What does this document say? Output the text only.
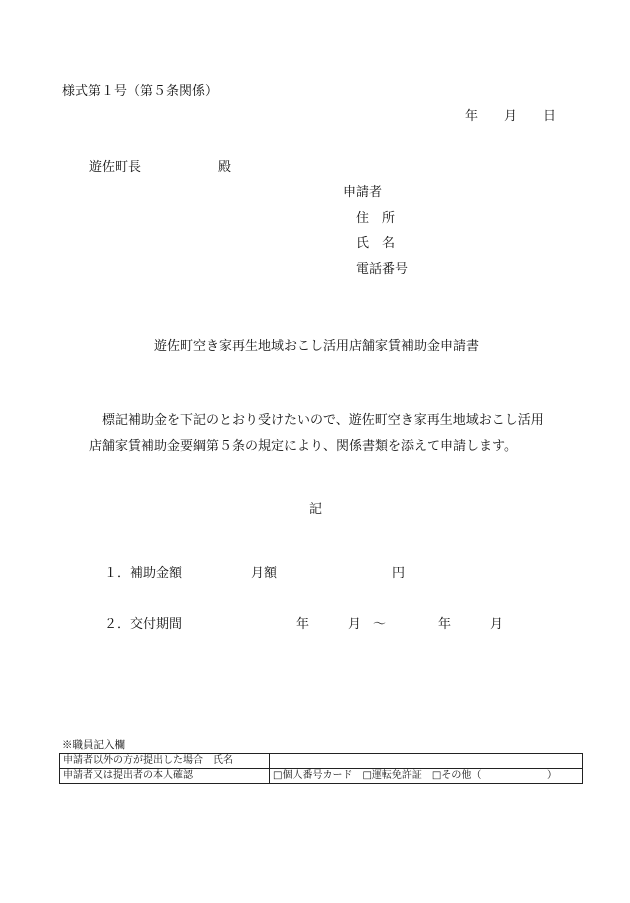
様式第１号（第５条関係）
年 月 日
遊佐町長	殿
申請者
住　所
氏　名
電話番号
遊佐町空き家再生地域おこし活用店舗家賃補助金申請書
標記補助金を下記のとおり受けたいので、遊佐町空き家再生地域おこし活用
店舗家賃補助金要綱第５条の規定により、関係書類を添えて申請します。
記
１．補助金額	月額	円
２．交付期間	年	月 ～	年	月
※職員記入欄
申請者以外の方が提出した場合　氏名	
申請者又は提出者の本人確認	□個人番号カード □運転免許証 □その他（ ）
